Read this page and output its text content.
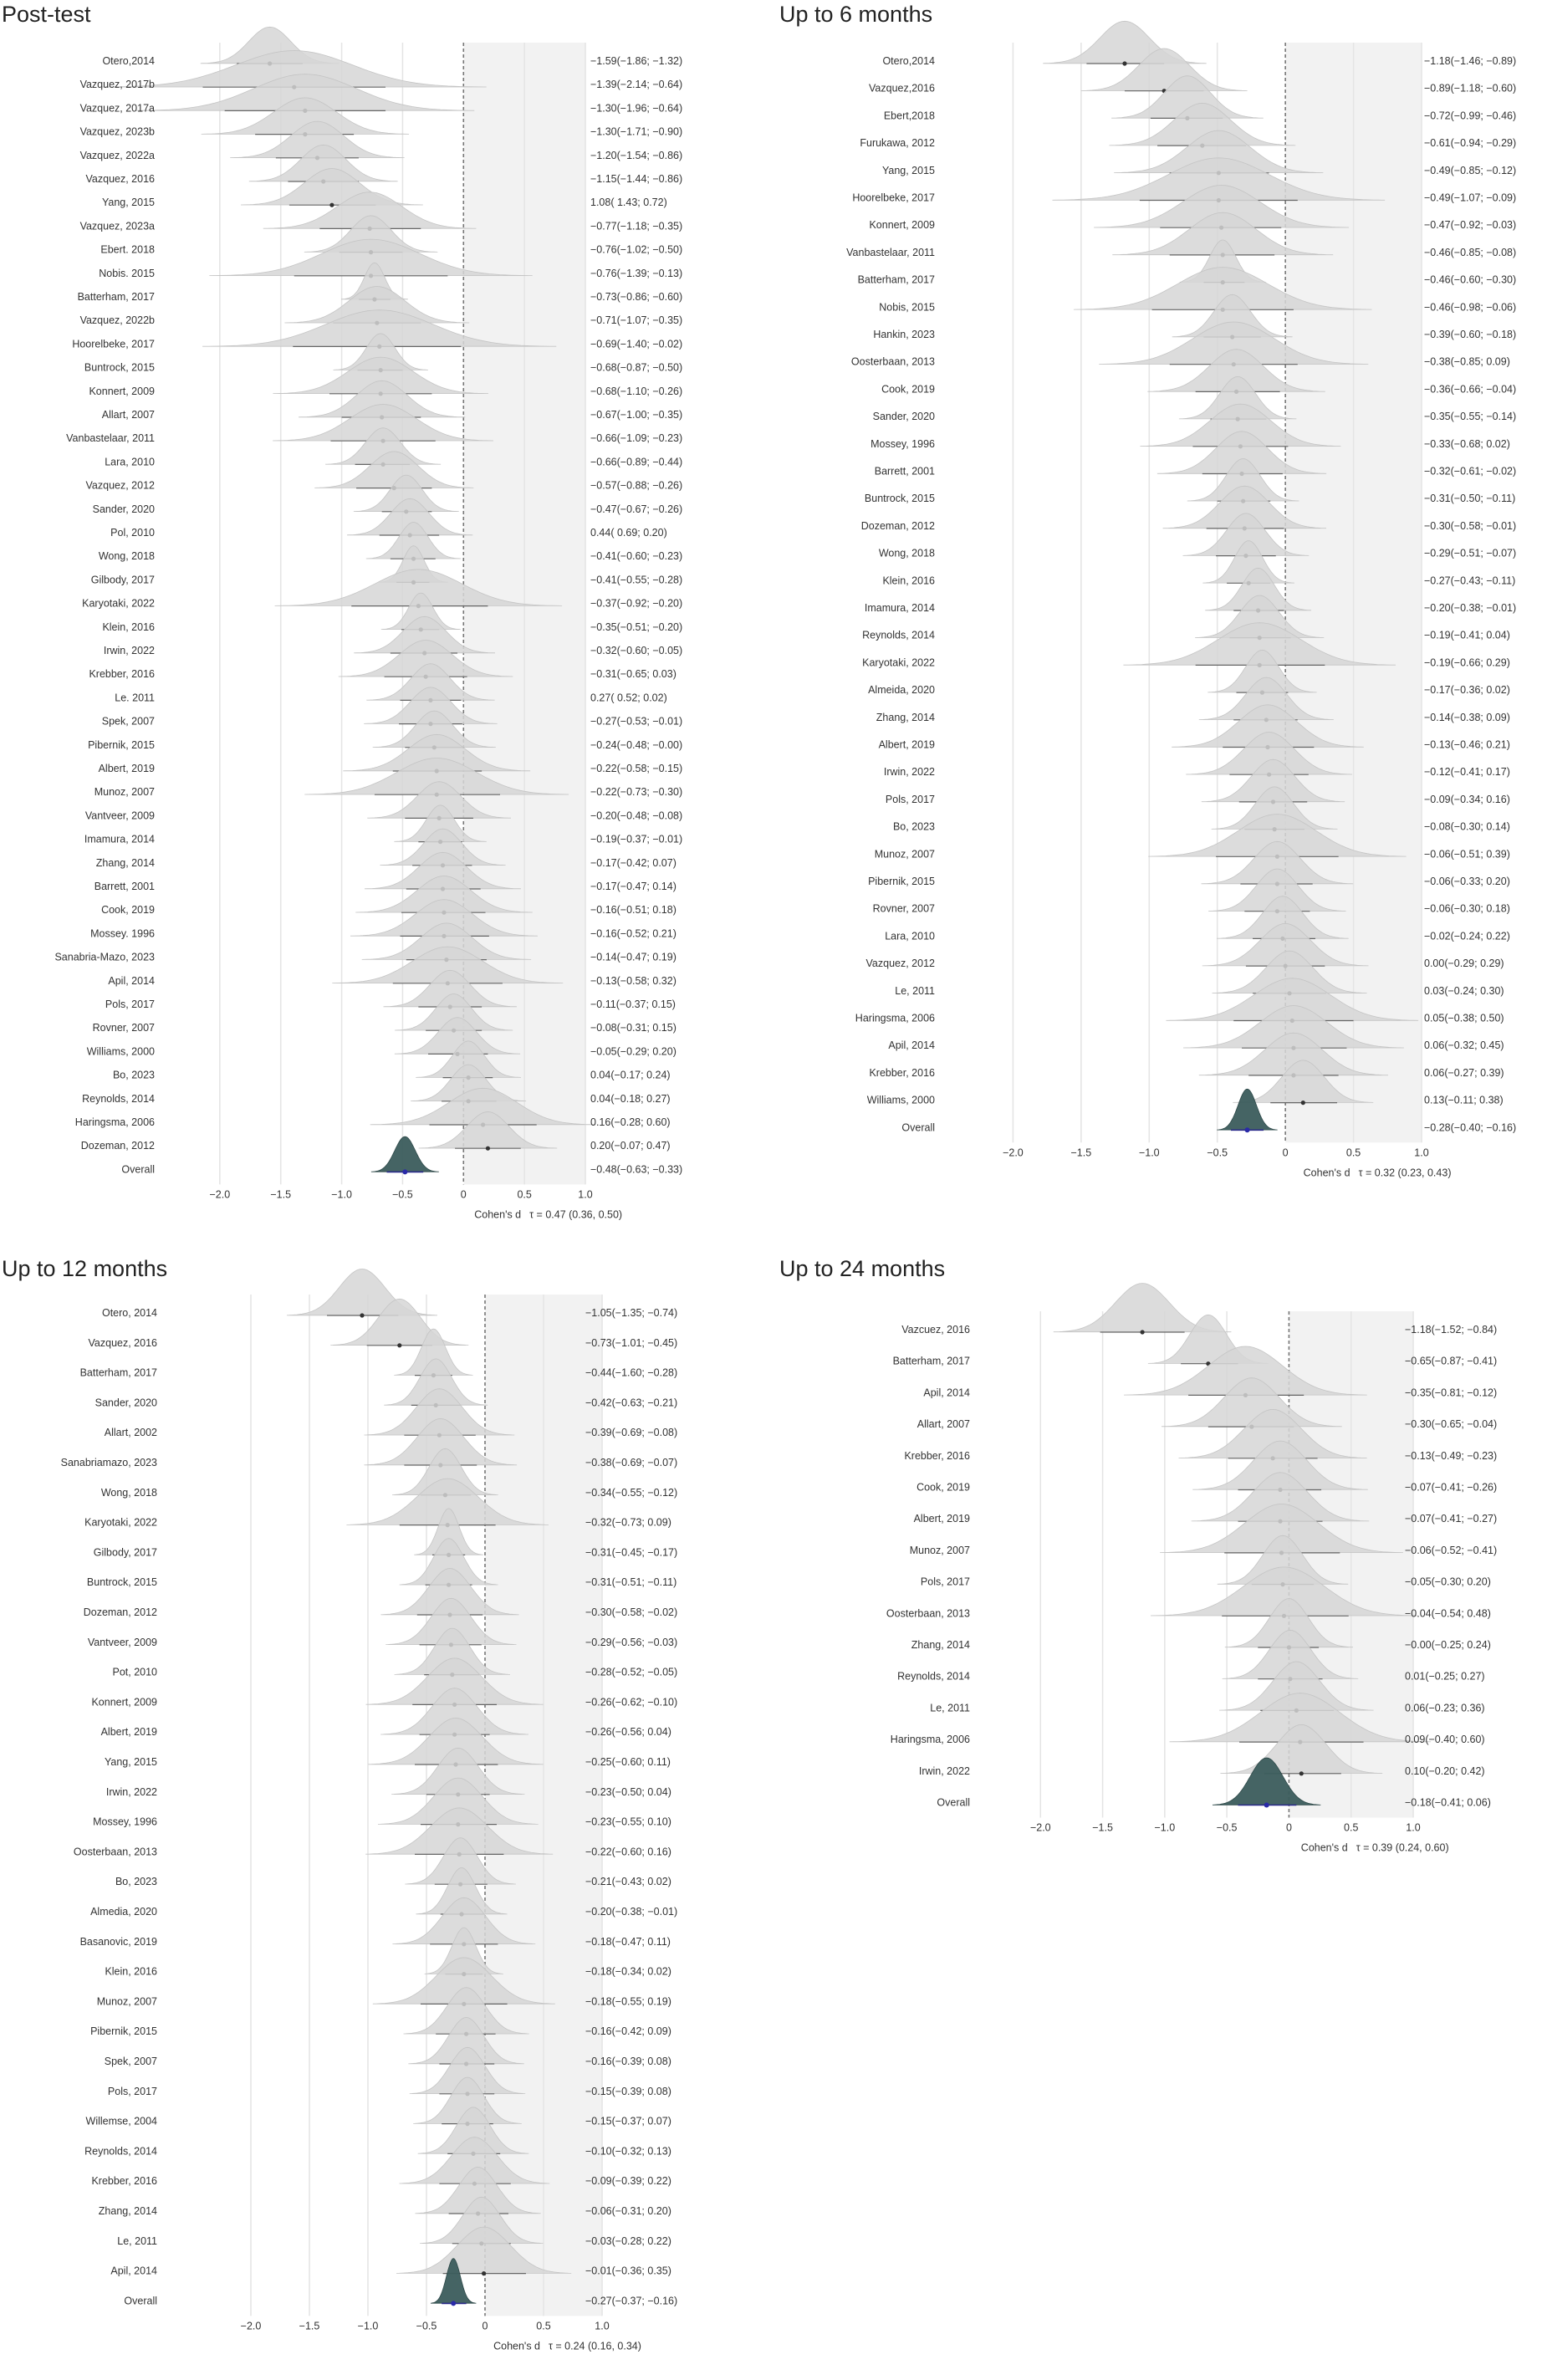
Post-test
Otero,2014	−1.59(−1.86; −1.32)
Vazquez, 2017b	−1.39(−2.14; −0.64)
Vazquez, 2017a	−1.30(−1.96; −0.64)
Vazquez, 2023b	−1.30(−1.71; −0.90)
Vazquez, 2022a	−1.20(−1.54; −0.86)
Vazquez, 2016	−1.15(−1.44; −0.86)
Yang, 2015	1.08( 1.43; 0.72)
Vazquez, 2023a	−0.77(−1.18; −0.35)
Ebert. 2018	−0.76(−1.02; −0.50)
Nobis. 2015	−0.76(−1.39; −0.13)
Batterham, 2017	−0.73(−0.86; −0.60)
Vazquez, 2022b	−0.71(−1.07; −0.35)
Hoorelbeke, 2017	−0.69(−1.40; −0.02)
Buntrock, 2015	−0.68(−0.87; −0.50)
Konnert, 2009	−0.68(−1.10; −0.26)
Allart, 2007	−0.67(−1.00; −0.35)
Vanbastelaar, 2011	−0.66(−1.09; −0.23)
Lara, 2010	−0.66(−0.89; −0.44)
Vazquez, 2012	−0.57(−0.88; −0.26)
Sander, 2020	−0.47(−0.67; −0.26)
Pol, 2010	0.44( 0.69; 0.20)
Wong, 2018	−0.41(−0.60; −0.23)
Gilbody, 2017	−0.41(−0.55; −0.28)
Karyotaki, 2022	−0.37(−0.92; −0.20)
Klein, 2016	−0.35(−0.51; −0.20)
Irwin, 2022	−0.32(−0.60; −0.05)
Krebber, 2016	−0.31(−0.65; 0.03)
Le. 2011	0.27( 0.52; 0.02)
Spek, 2007	−0.27(−0.53; −0.01)
Pibernik, 2015	−0.24(−0.48; −0.00)
Albert, 2019	−0.22(−0.58; −0.15)
Munoz, 2007	−0.22(−0.73; −0.30)
Vantveer, 2009	−0.20(−0.48; −0.08)
Imamura, 2014	−0.19(−0.37; −0.01)
Zhang, 2014	−0.17(−0.42; 0.07)
Barrett, 2001	−0.17(−0.47; 0.14)
Cook, 2019	−0.16(−0.51; 0.18)
Mossey. 1996	−0.16(−0.52; 0.21)
Sanabria-Mazo, 2023	−0.14(−0.47; 0.19)
Apil, 2014	−0.13(−0.58; 0.32)
Pols, 2017	−0.11(−0.37; 0.15)
Rovner, 2007	−0.08(−0.31; 0.15)
Williams, 2000	−0.05(−0.29; 0.20)
Bo, 2023	0.04(−0.17; 0.24)
Reynolds, 2014	0.04(−0.18; 0.27)
Haringsma, 2006	0.16(−0.28; 0.60)
Dozeman, 2012	0.20(−0.07; 0.47)
Overall	−0.48(−0.63; −0.33)
−2.0	−1.5	−1.0	−0.5	0	0.5	1.0
Cohen's d τ = 0.47 (0.36, 0.50)
Up to 6 months
Otero,2014	−1.18(−1.46; −0.89)
Vazquez,2016	−0.89(−1.18; −0.60)
Ebert,2018	−0.72(−0.99; −0.46)
Furukawa, 2012	−0.61(−0.94; −0.29)
Yang, 2015	−0.49(−0.85; −0.12)
Hoorelbeke, 2017	−0.49(−1.07; −0.09)
Konnert, 2009	−0.47(−0.92; −0.03)
Vanbastelaar, 2011	−0.46(−0.85; −0.08)
Batterham, 2017	−0.46(−0.60; −0.30)
Nobis, 2015	−0.46(−0.98; −0.06)
Hankin, 2023	−0.39(−0.60; −0.18)
Oosterbaan, 2013	−0.38(−0.85; 0.09)
Cook, 2019	−0.36(−0.66; −0.04)
Sander, 2020	−0.35(−0.55; −0.14)
Mossey, 1996	−0.33(−0.68; 0.02)
Barrett, 2001	−0.32(−0.61; −0.02)
Buntrock, 2015	−0.31(−0.50; −0.11)
Dozeman, 2012	−0.30(−0.58; −0.01)
Wong, 2018	−0.29(−0.51; −0.07)
Klein, 2016	−0.27(−0.43; −0.11)
Imamura, 2014	−0.20(−0.38; −0.01)
Reynolds, 2014	−0.19(−0.41; 0.04)
Karyotaki, 2022	−0.19(−0.66; 0.29)
Almeida, 2020	−0.17(−0.36; 0.02)
Zhang, 2014	−0.14(−0.38; 0.09)
Albert, 2019	−0.13(−0.46; 0.21)
Irwin, 2022	−0.12(−0.41; 0.17)
Pols, 2017	−0.09(−0.34; 0.16)
Bo, 2023	−0.08(−0.30; 0.14)
Munoz, 2007	−0.06(−0.51; 0.39)
Pibernik, 2015	−0.06(−0.33; 0.20)
Rovner, 2007	−0.06(−0.30; 0.18)
Lara, 2010	−0.02(−0.24; 0.22)
Vazquez, 2012	0.00(−0.29; 0.29)
Le, 2011	0.03(−0.24; 0.30)
Haringsma, 2006	0.05(−0.38; 0.50)
Apil, 2014	0.06(−0.32; 0.45)
Krebber, 2016	0.06(−0.27; 0.39)
Williams, 2000	0.13(−0.11; 0.38)
Overall	−0.28(−0.40; −0.16)
−2.0	−1.5	−1.0	−0.5	0	0.5	1.0
Cohen's d τ = 0.32 (0.23, 0.43)
Up to 12 months
Otero, 2014	−1.05(−1.35; −0.74)
Vazquez, 2016	−0.73(−1.01; −0.45)
Batterham, 2017	−0.44(−1.60; −0.28)
Sander, 2020	−0.42(−0.63; −0.21)
Allart, 2002	−0.39(−0.69; −0.08)
Sanabriamazo, 2023	−0.38(−0.69; −0.07)
Wong, 2018	−0.34(−0.55; −0.12)
Karyotaki, 2022	−0.32(−0.73; 0.09)
Gilbody, 2017	−0.31(−0.45; −0.17)
Buntrock, 2015	−0.31(−0.51; −0.11)
Dozeman, 2012	−0.30(−0.58; −0.02)
Vantveer, 2009	−0.29(−0.56; −0.03)
Pot, 2010	−0.28(−0.52; −0.05)
Konnert, 2009	−0.26(−0.62; −0.10)
Albert, 2019	−0.26(−0.56; 0.04)
Yang, 2015	−0.25(−0.60; 0.11)
Irwin, 2022	−0.23(−0.50; 0.04)
Mossey, 1996	−0.23(−0.55; 0.10)
Oosterbaan, 2013	−0.22(−0.60; 0.16)
Bo, 2023	−0.21(−0.43; 0.02)
Almedia, 2020	−0.20(−0.38; −0.01)
Basanovic, 2019	−0.18(−0.47; 0.11)
Klein, 2016	−0.18(−0.34; 0.02)
Munoz, 2007	−0.18(−0.55; 0.19)
Pibernik, 2015	−0.16(−0.42; 0.09)
Spek, 2007	−0.16(−0.39; 0.08)
Pols, 2017	−0.15(−0.39; 0.08)
Willemse, 2004	−0.15(−0.37; 0.07)
Reynolds, 2014	−0.10(−0.32; 0.13)
Krebber, 2016	−0.09(−0.39; 0.22)
Zhang, 2014	−0.06(−0.31; 0.20)
Le, 2011	−0.03(−0.28; 0.22)
Apil, 2014	−0.01(−0.36; 0.35)
Overall	−0.27(−0.37; −0.16)
−2.0	−1.5	−1.0	−0.5	0	0.5	1.0
Cohen's d τ = 0.24 (0.16, 0.34)
Up to 24 months
Vazcuez, 2016	−1.18(−1.52; −0.84)
Batterham, 2017	−0.65(−0.87; −0.41)
Apil, 2014	−0.35(−0.81; −0.12)
Allart, 2007	−0.30(−0.65; −0.04)
Krebber, 2016	−0.13(−0.49; −0.23)
Cook, 2019	−0.07(−0.41; −0.26)
Albert, 2019	−0.07(−0.41; −0.27)
Munoz, 2007	−0.06(−0.52; −0.41)
Pols, 2017	−0.05(−0.30; 0.20)
Oosterbaan, 2013	−0.04(−0.54; 0.48)
Zhang, 2014	−0.00(−0.25; 0.24)
Reynolds, 2014	0.01(−0.25; 0.27)
Le, 2011	0.06(−0.23; 0.36)
Haringsma, 2006	0.09(−0.40; 0.60)
Irwin, 2022	0.10(−0.20; 0.42)
Overall	−0.18(−0.41; 0.06)
−2.0	−1.5	−1.0	−0.5	0	0.5	1.0
Cohen's d τ = 0.39 (0.24, 0.60)
